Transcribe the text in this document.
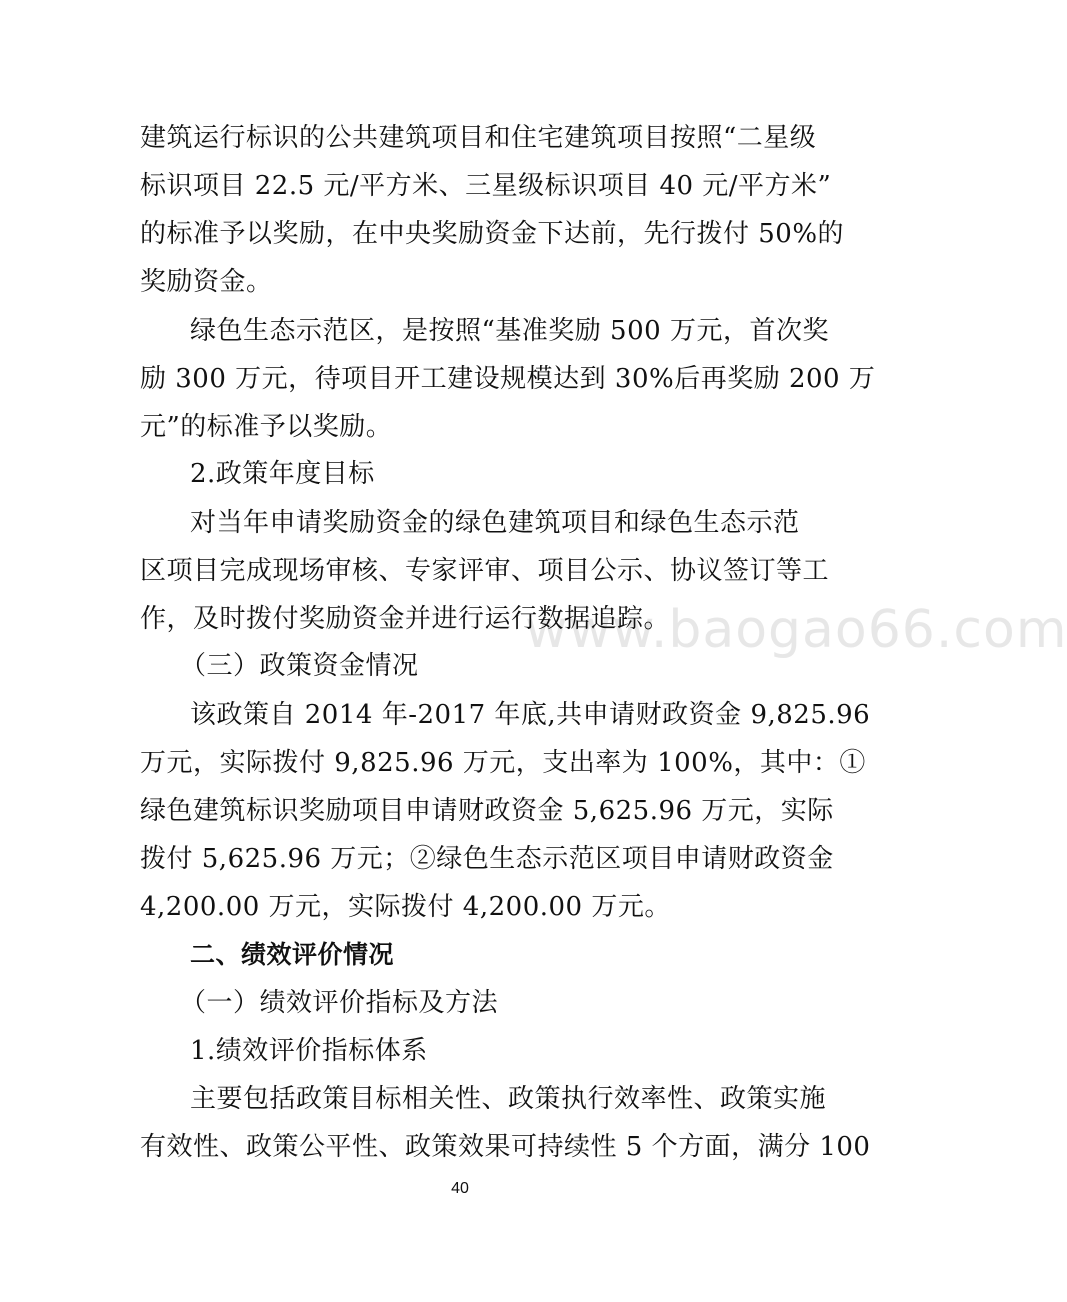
www.baogao66.com
建筑运行标识的公共建筑项目和住宅建筑项目按照“二星级
标识项目 22.5 元/平方米、三星级标识项目 40 元/平方米”
的标准予以奖励，在中央奖励资金下达前，先行拨付 50%的
奖励资金。
绿色生态示范区，是按照“基准奖励 500 万元，首次奖
励 300 万元，待项目开工建设规模达到 30%后再奖励 200 万
元”的标准予以奖励。
2.政策年度目标
对当年申请奖励资金的绿色建筑项目和绿色生态示范
区项目完成现场审核、专家评审、项目公示、协议签订等工
作，及时拨付奖励资金并进行运行数据追踪。
（三）政策资金情况
该政策自 2014 年-2017 年底,共申请财政资金 9,825.96
万元，实际拨付 9,825.96 万元，支出率为 100%，其中：①
绿色建筑标识奖励项目申请财政资金 5,625.96 万元，实际
拨付 5,625.96 万元；②绿色生态示范区项目申请财政资金
4,200.00 万元，实际拨付 4,200.00 万元。
二、绩效评价情况
（一）绩效评价指标及方法
1.绩效评价指标体系
主要包括政策目标相关性、政策执行效率性、政策实施
有效性、政策公平性、政策效果可持续性 5 个方面，满分 100
40
